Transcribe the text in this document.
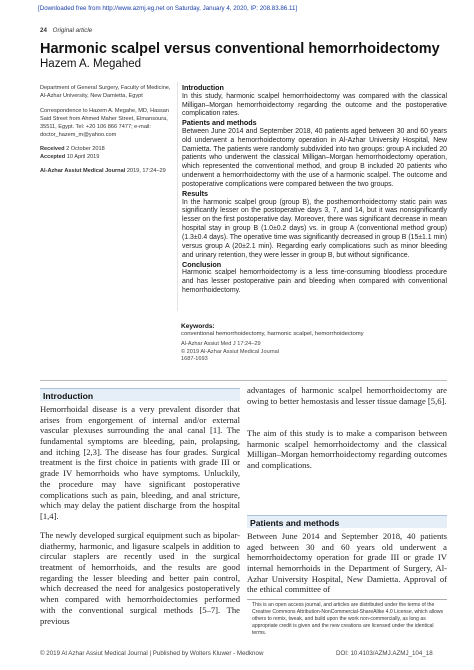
[Downloaded free from http://www.azmj.eg.net on Saturday, January 4, 2020, IP: 208.83.86.11]
24 Original article
Harmonic scalpel versus conventional hemorrhoidectomy
Hazem A. Megahed
Department of General Surgery, Faculty of Medicine, Al-Azhar University, New Damietta, Egypt
Correspondence to Hazem A. Megahe, MD, Hassan Said Street from Ahmed Maher Street, Elmansoura, 35511, Egypt. Tel: +20 106 866 7477; e-mail: doctor_hazem_m@yahoo.com
Received 2 October 2018
Accepted 10 April 2019
Al-Azhar Assiut Medical Journal 2019, 17:24–29
Introduction

In this study, harmonic scalpel hemorrhoidectomy was compared with the classical Milligan–Morgan hemorrhoidectomy regarding the outcome and the postoperative complication rates.

Patients and methods

Between June 2014 and September 2018, 40 patients aged between 30 and 60 years old underwent a hemorrhoidectomy operation in Al-Azhar University Hospital, New Damietta. The patients were randomly subdivided into two groups: group A included 20 patients who underwent the classical Milligan–Morgan hemorrhoidectomy operation, which represented the conventional method, and group B included 20 patients who underwent a hemorrhoidectomy with the use of a harmonic scalpel. The outcome and postoperative complications were compared between the two groups.

Results

In the harmonic scalpel group (group B), the posthemorrhoidectomy static pain was significantly lesser on the postoperative days 3, 7, and 14, but it was nonsignificantly lesser on the first postoperative day. Moreover, there was significant decrease in mean hospital stay in group B (1.0±0.2 days) vs. in group A (conventional method group) (1.3±0.4 days). The operative time was significantly decreased in group B (15±1.1 min) versus group A (20±2.1 min). Regarding early complications such as minor bleeding and urinary retention, they were lesser in group B, but without significance.

Conclusion

Harmonic scalpel hemorrhoidectomy is a less time-consuming bloodless procedure and has lesser postoperative pain and bleeding when compared with conventional hemorrhoidectomy.

Keywords:
conventional hemorrhoidectomy, harmonic scalpel, hemorrhoidectomy
Al-Azhar Assiut Med J 17:24–29
© 2019 Al-Azhar Assiut Medical Journal
1687-1693
Introduction
Hemorrhoidal disease is a very prevalent disorder that arises from engorgement of internal and/or external vascular plexuses surrounding the anal canal [1]. The fundamental symptoms are bleeding, pain, prolapsing, and itching [2,3]. The disease has four grades. Surgical treatment is the first choice in patients with grade III or grade IV hemorrhoids who have symptoms. Unluckily, the procedure may have significant postoperative complications such as pain, bleeding, and anal stricture, which may delay the patient discharge from the hospital [1,4].
The newly developed surgical equipment such as bipolar-diathermy, harmonic, and ligasure scalpels in addition to circular staplers are recently used in the surgical treatment of hemorrhoids, and the results are good regarding the lesser bleeding and better pain control, which decreased the need for analgesics postoperatively when compared with hemorrhoidectomies performed with the conventional surgical methods [5–7]. The previous
advantages of harmonic scalpel hemorrhoidectomy are owing to better hemostasis and lesser tissue damage [5,6].
The aim of this study is to make a comparison between harmonic scalpel hemorrhoidectomy and the classical Milligan–Morgan hemorrhoidectomy regarding outcomes and complications.
Patients and methods
Between June 2014 and September 2018, 40 patients aged between 30 and 60 years old underwent a hemorrhoidectomy operation for grade III or grade IV internal hemorrhoids in the Department of Surgery, Al-Azhar University Hospital, New Damietta. Approval of the ethical committee of
This is an open access journal, and articles are distributed under the terms of the Creative Commons Attribution-NonCommercial-ShareAlike 4.0 License, which allows others to remix, tweak, and build upon the work non-commercially, as long as appropriate credit is given and the new creations are licensed under the identical terms.
© 2019 Al Azhar Assiut Medical Journal | Published by Wolters Kluwer - Medknow	DOI: 10.4103/AZMJ.AZMJ_104_18
